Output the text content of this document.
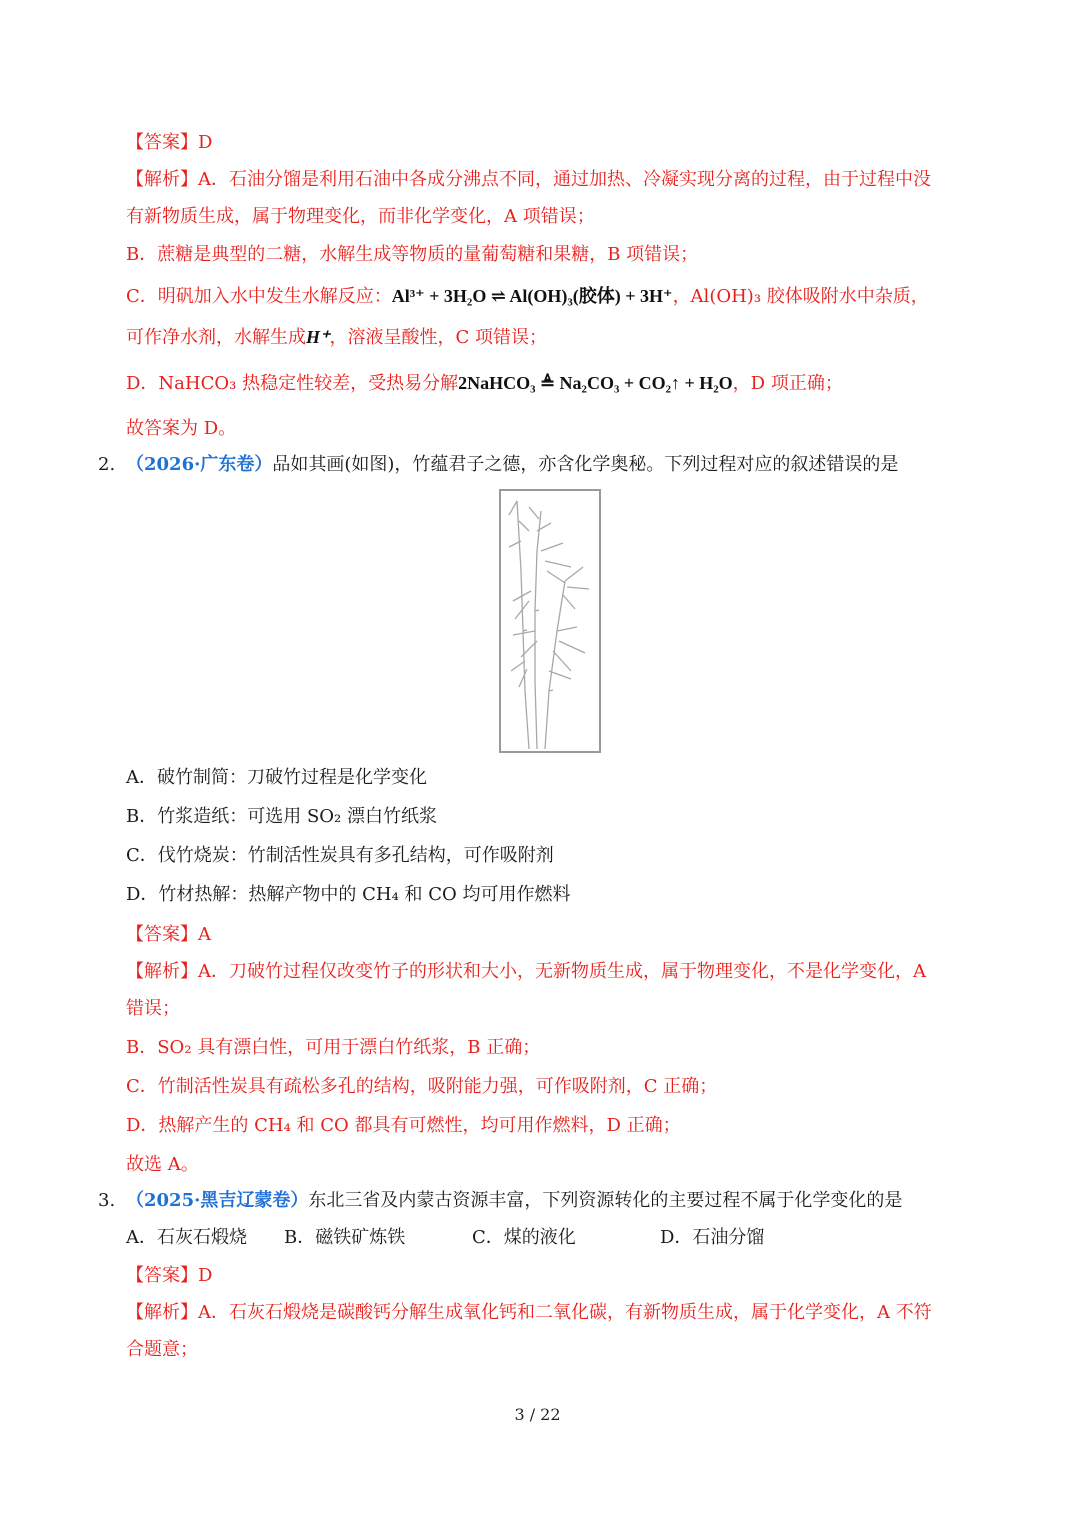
【答案】D
【解析】A．石油分馏是利用石油中各成分沸点不同，通过加热、冷凝实现分离的过程，由于过程中没
有新物质生成，属于物理变化，而非化学变化，A 项错误；
B．蔗糖是典型的二糖，水解生成等物质的量葡萄糖和果糖，B 项错误；
C．明矾加入水中发生水解反应：Al³⁺ + 3H₂O ⇌ Al(OH)₃(胶体) + 3H⁺，Al(OH)₃ 胶体吸附水中杂质，
可作净水剂，水解生成H⁺，溶液呈酸性，C 项错误；
D．NaHCO₃ 热稳定性较差，受热易分解2NaHCO₃ ≜ Na₂CO₃ + CO₂↑ + H₂O，D 项正确；
故答案为 D。
2. （2026·广东卷）品如其画(如图)，竹蕴君子之德，亦含化学奥秘。下列过程对应的叙述错误的是
A．破竹制简：刀破竹过程是化学变化
B．竹浆造纸：可选用 SO₂ 漂白竹纸浆
C．伐竹烧炭：竹制活性炭具有多孔结构，可作吸附剂
D．竹材热解：热解产物中的 CH₄ 和 CO 均可用作燃料
【答案】A
【解析】A．刀破竹过程仅改变竹子的形状和大小，无新物质生成，属于物理变化，不是化学变化，A
错误；
B．SO₂ 具有漂白性，可用于漂白竹纸浆，B 正确；
C．竹制活性炭具有疏松多孔的结构，吸附能力强，可作吸附剂，C 正确；
D．热解产生的 CH₄ 和 CO 都具有可燃性，均可用作燃料，D 正确；
故选 A。
3. （2025·黑吉辽蒙卷）东北三省及内蒙古资源丰富，下列资源转化的主要过程不属于化学变化的是
A．石灰石煅烧 B．磁铁矿炼铁	C．煤的液化	D．石油分馏
【答案】D
【解析】A．石灰石煅烧是碳酸钙分解生成氧化钙和二氧化碳，有新物质生成，属于化学变化，A 不符
合题意；
3 / 22
